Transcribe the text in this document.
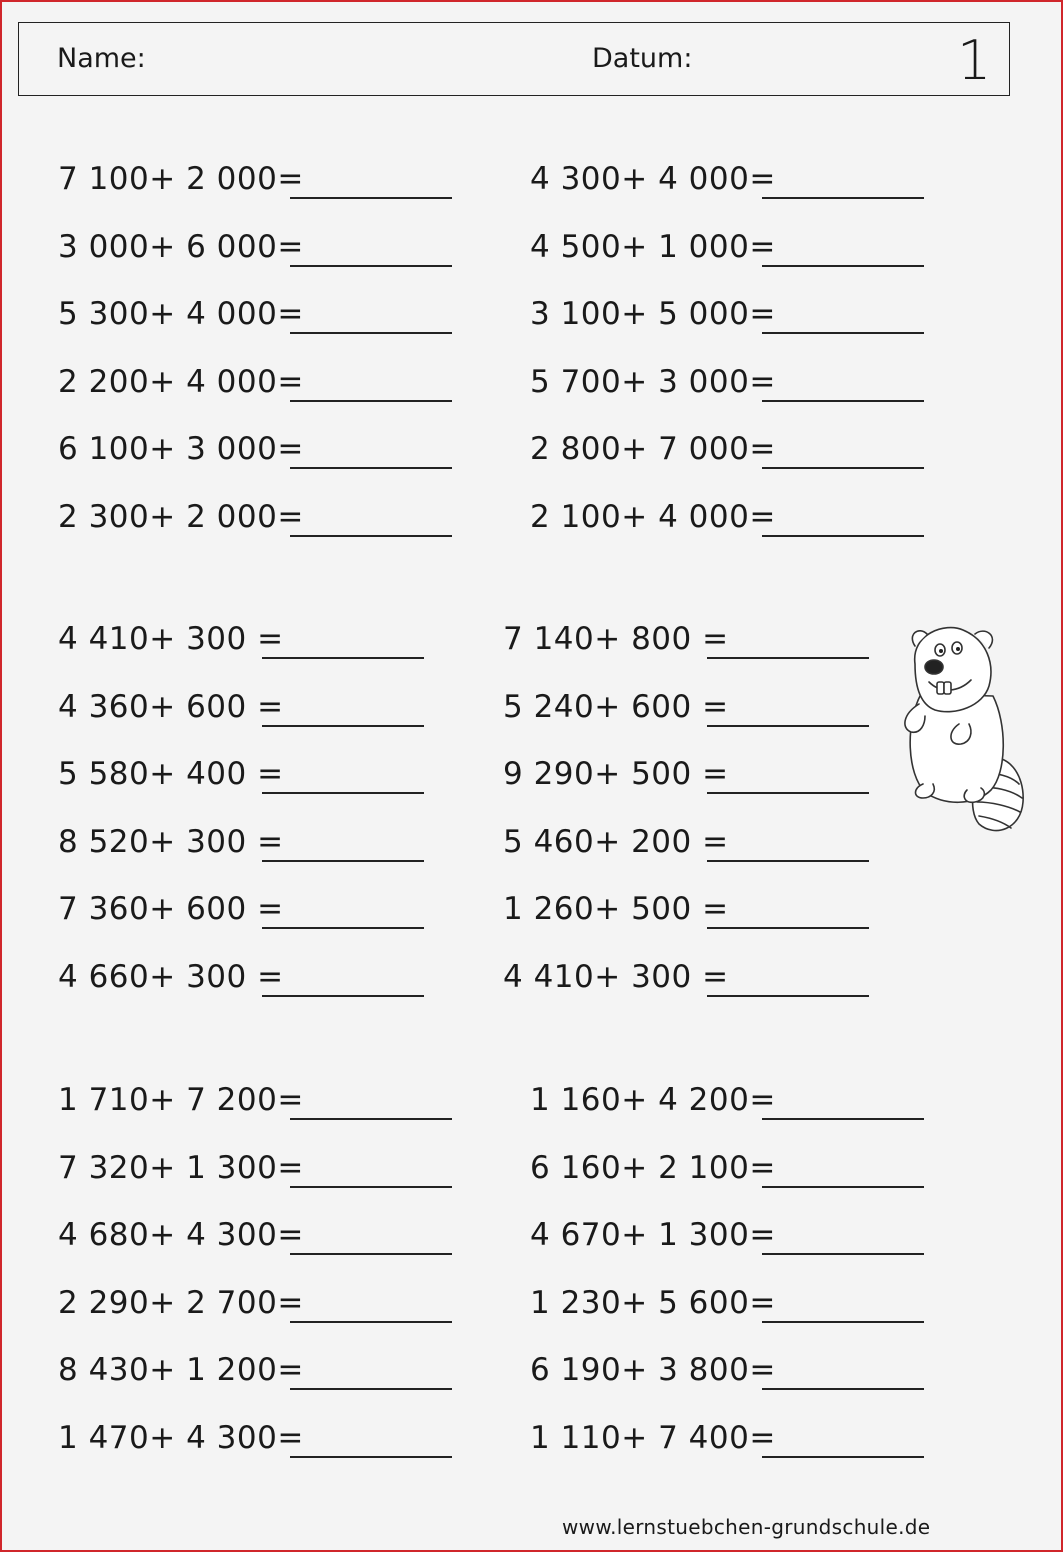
Name:	Datum:	1
7 100+ 2 000=
3 000+ 6 000=
5 300+ 4 000=
2 200+ 4 000=
6 100+ 3 000=
2 300+ 2 000=
4 300+ 4 000=
4 500+ 1 000=
3 100+ 5 000=
5 700+ 3 000=
2 800+ 7 000=
2 100+ 4 000=
4 410+ 300 =
4 360+ 600 =
5 580+ 400 =
8 520+ 300 =
7 360+ 600 =
4 660+ 300 =
7 140+ 800 =
5 240+ 600 =
9 290+ 500 =
5 460+ 200 =
1 260+ 500 =
4 410+ 300 =
1 710+ 7 200=
7 320+ 1 300=
4 680+ 4 300=
2 290+ 2 700=
8 430+ 1 200=
1 470+ 4 300=
1 160+ 4 200=
6 160+ 2 100=
4 670+ 1 300=
1 230+ 5 600=
6 190+ 3 800=
1 110+ 7 400=
www.lernstuebchen-grundschule.de
